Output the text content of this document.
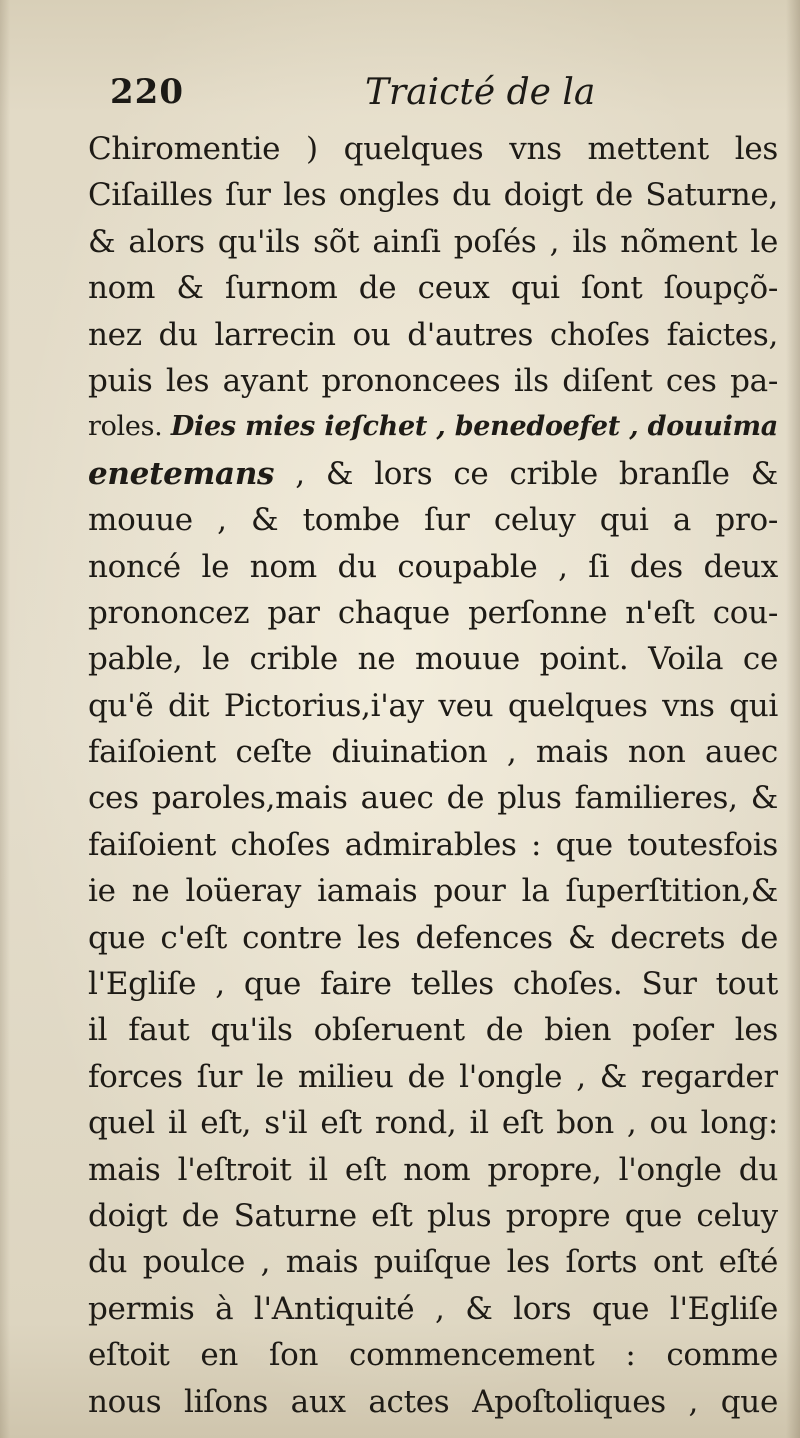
220	Traicté de la
Chiromentie ) quelques vns mettent les
Ciſailles ſur les ongles du doigt de Saturne,
& alors qu'ils sõt ainſi poſés , ils nõment le
nom & ſurnom de ceux qui ſont ſoupçõ-
nez du larrecin ou d'autres choſes faictes,
puis les ayant prononcees ils diſent ces pa-
roles. Dies mies ieſchet , benedoefet , douuima
enetemans , & lors ce crible branſle &
mouue , & tombe ſur celuy qui a pro-
noncé le nom du coupable , ſi des deux
prononcez par chaque perſonne n'eſt cou-
pable, le crible ne mouue point. Voila ce
qu'ẽ dit Pictorius,i'ay veu quelques vns qui
faiſoient ceſte diuination , mais non auec
ces paroles,mais auec de plus familieres, &
faiſoient choſes admirables : que toutesfois
ie ne loüeray iamais pour la ſuperſtition,&
que c'eſt contre les defences & decrets de
l'Egliſe , que faire telles choſes. Sur tout
il faut qu'ils obſeruent de bien poſer les
forces ſur le milieu de l'ongle , & regarder
quel il eſt, s'il eſt rond, il eſt bon , ou long:
mais l'eſtroit il eſt nom propre, l'ongle du
doigt de Saturne eſt plus propre que celuy
du poulce , mais puiſque les ſorts ont eſté
permis à l'Antiquité , & lors que l'Egliſe
eſtoit en ſon commencement : comme
nous liſons aux actes Apoſtoliques , que
